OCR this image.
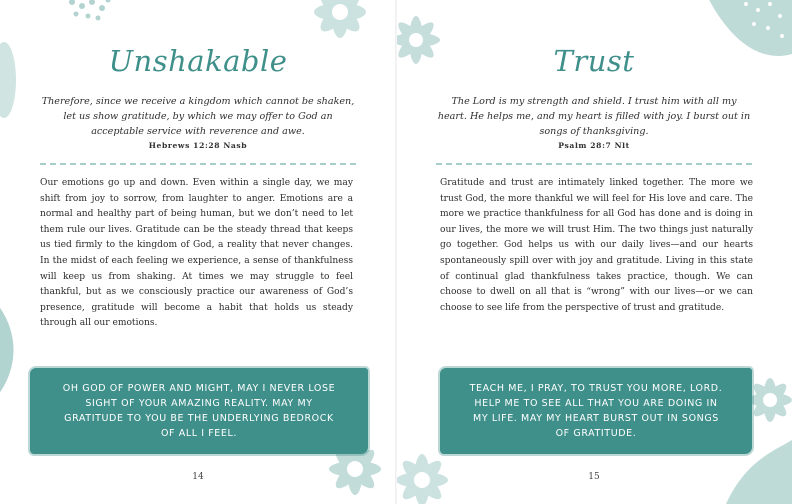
Unshakable
Therefore, since we receive a kingdom which cannot be shaken, let us show gratitude, by which we may offer to God an acceptable service with reverence and awe.
Hebrews 12:28 Nasb
Our emotions go up and down. Even within a single day, we may shift from joy to sorrow, from laughter to anger. Emotions are a normal and healthy part of being human, but we don’t need to let them rule our lives. Gratitude can be the steady thread that keeps us tied firmly to the kingdom of God, a reality that never changes. In the midst of each feeling we experience, a sense of thankfulness will keep us from shaking. At times we may struggle to feel thankful, but as we consciously practice our awareness of God’s presence, gratitude will become a habit that holds us steady through all our emotions.
OH GOD OF POWER AND MIGHT, MAY I NEVER LOSE SIGHT OF YOUR AMAZING REALITY. MAY MY GRATITUDE TO YOU BE THE UNDERLYING BEDROCK OF ALL I FEEL.
14
Trust
The Lord is my strength and shield. I trust him with all my heart. He helps me, and my heart is filled with joy. I burst out in songs of thanksgiving.
Psalm 28:7 Nlt
Gratitude and trust are intimately linked together. The more we trust God, the more thankful we will feel for His love and care. The more we practice thankfulness for all God has done and is doing in our lives, the more we will trust Him. The two things just naturally go together. God helps us with our daily lives—and our hearts spontaneously spill over with joy and gratitude. Living in this state of continual glad thankfulness takes practice, though. We can choose to dwell on all that is “wrong” with our lives—or we can choose to see life from the perspective of trust and gratitude.
TEACH ME, I PRAY, TO TRUST YOU MORE, LORD. HELP ME TO SEE ALL THAT YOU ARE DOING IN MY LIFE. MAY MY HEART BURST OUT IN SONGS OF GRATITUDE.
15
